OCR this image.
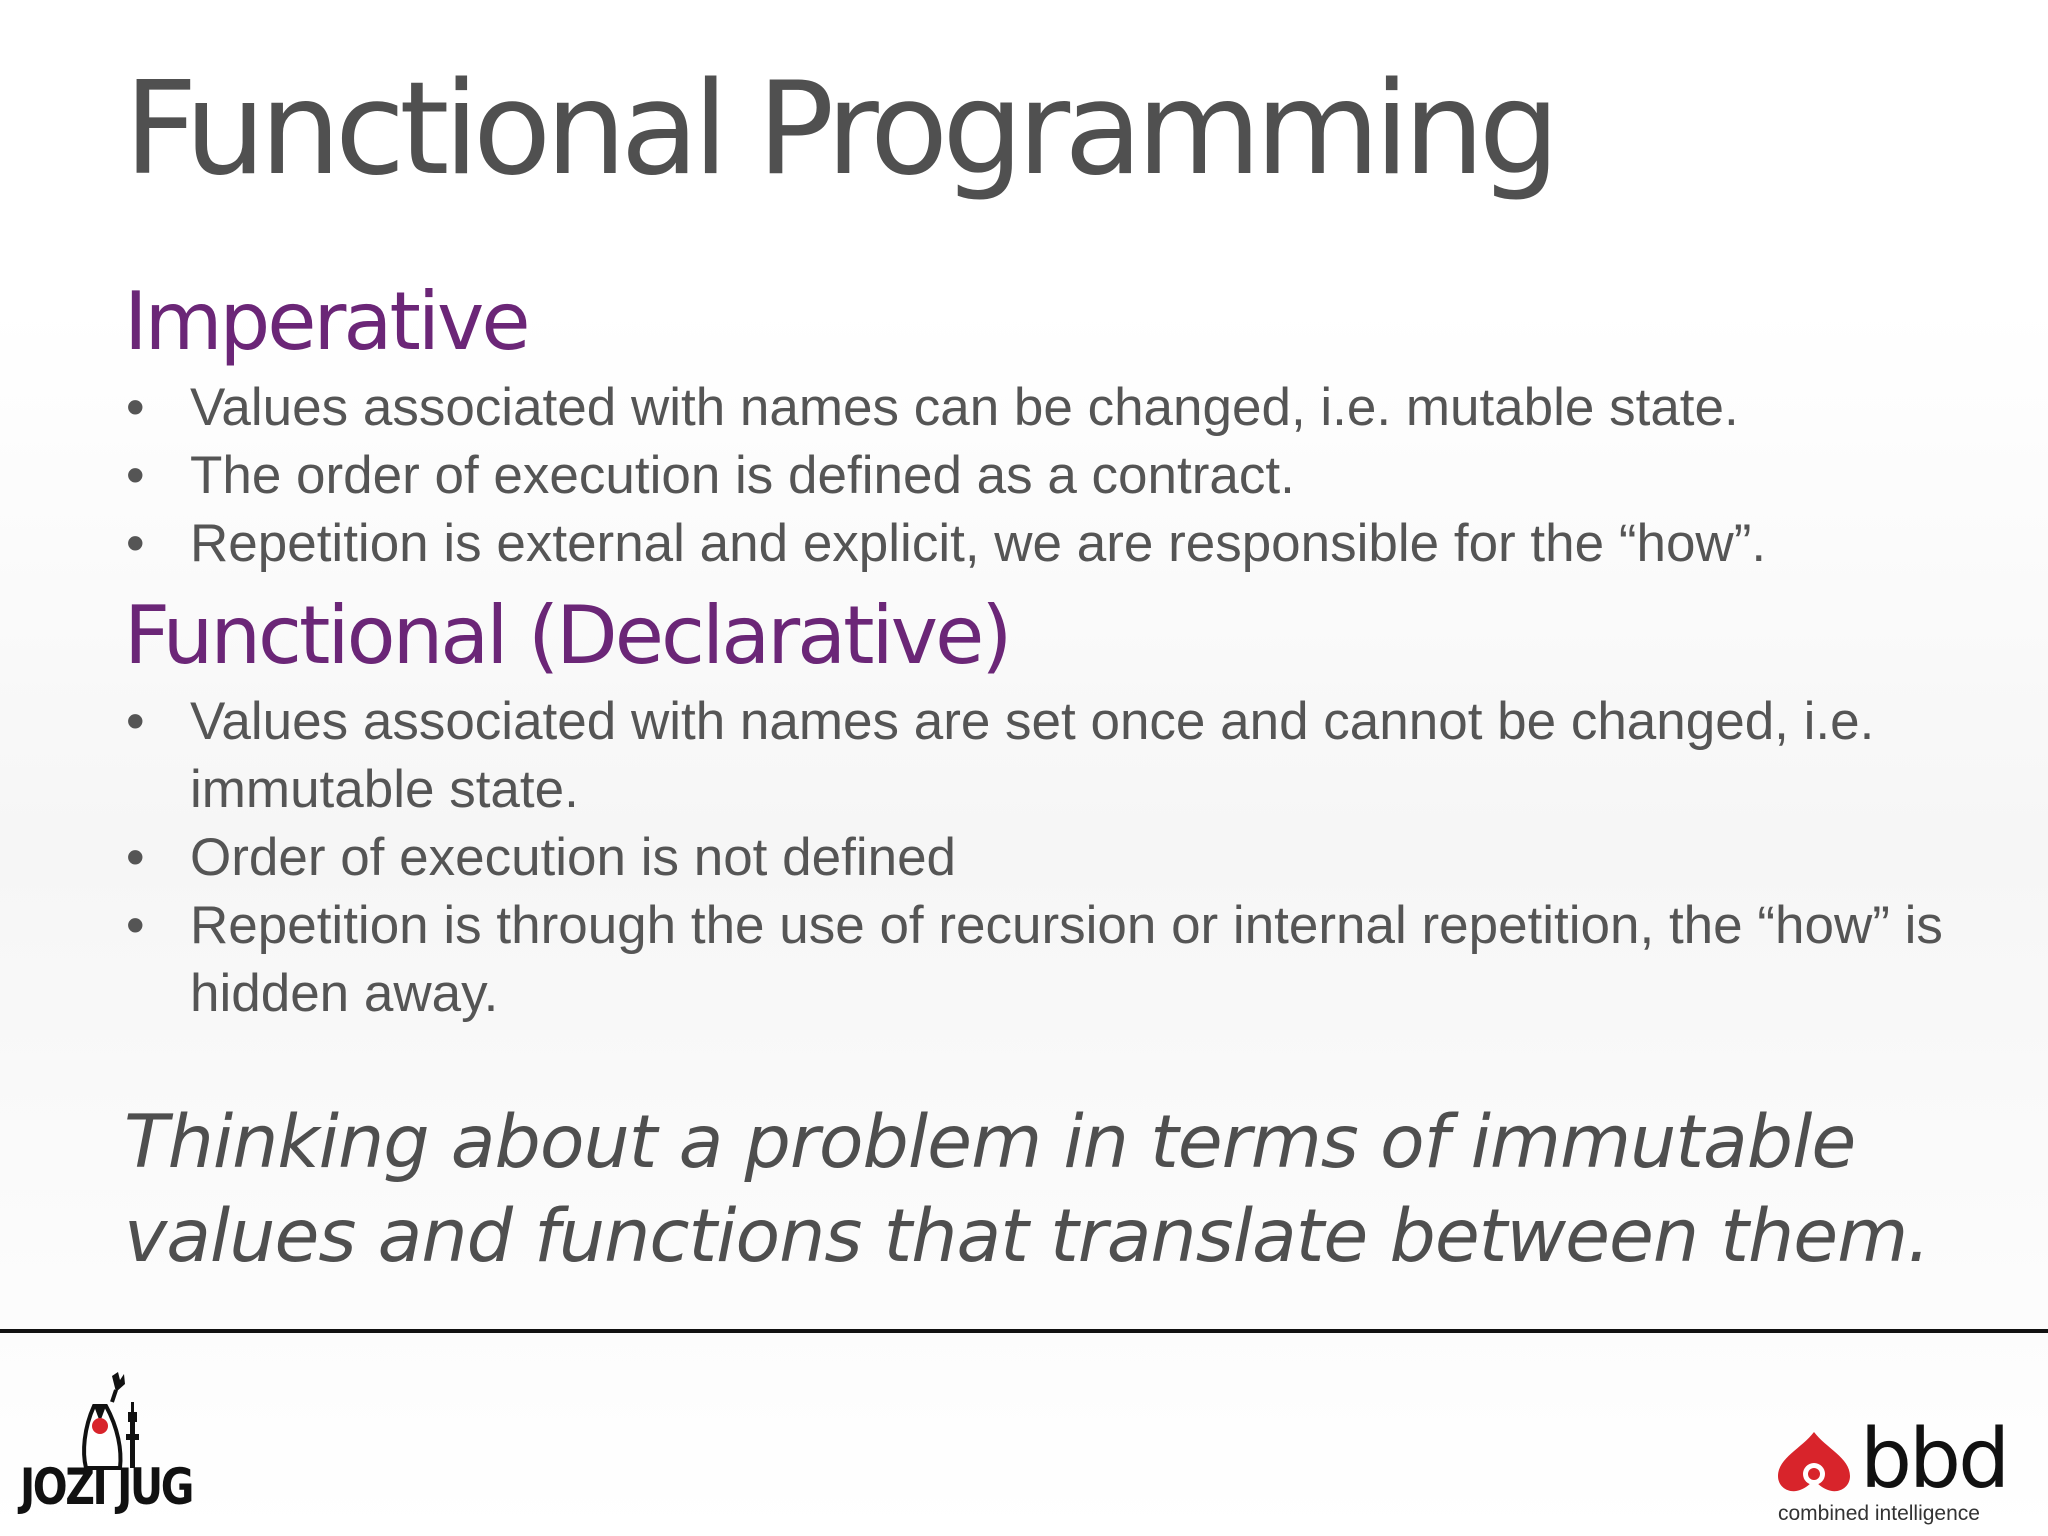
Functional Programming
Imperative
• Values associated with names can be changed, i.e. mutable state.
• The order of execution is defined as a contract.
• Repetition is external and explicit, we are responsible for the “how”.
Functional (Declarative)
• Values associated with names are set once and cannot be changed, i.e. immutable state.
• Order of execution is not defined
• Repetition is through the use of recursion or internal repetition, the “how” is hidden away.

Thinking about a problem in terms of immutable values and functions that translate between them.

JOZI JUG	bbd
combined intelligence
